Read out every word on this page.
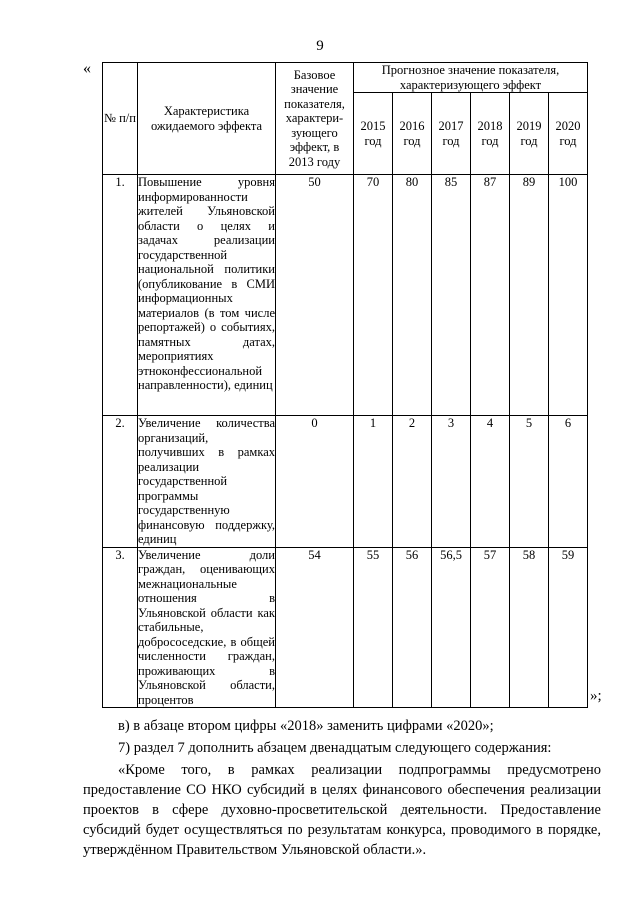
9
«
№ п/п	Характеристика ожидаемого эффекта	Базовое значение показателя, характери-зующего эффект, в 2013 году	Прогнозное значение показателя, характеризующего эффект					
			2015 год	2016 год	2017 год	2018 год	2019 год	2020 год
1.	Повышение уровня информированности жителей Ульяновской области о целях и задачах реализации государственной национальной политики (опубликование в СМИ информационных материалов (в том числе репортажей) о событиях, памятных датах, мероприятиях этноконфессиональной направленности), единиц	50	70	80	85	87	89	100
2.	Увеличение количества организаций, получивших в рамках реализации государственной программы государственную финансовую поддержку, единиц	0	1	2	3	4	5	6
3.	Увеличение доли граждан, оценивающих межнациональные отношения в Ульяновской области как стабильные, добрососедские, в общей численности граждан, проживающих в Ульяновской области, процентов	54	55	56	56,5	57	58	59
»;
в) в абзаце втором цифры «2018» заменить цифрами «2020»;
7) раздел 7 дополнить абзацем двенадцатым следующего содержания:
«Кроме того, в рамках реализации подпрограммы предусмотрено предоставление СО НКО субсидий в целях финансового обеспечения реализации проектов в сфере духовно-просветительской деятельности. Предоставление субсидий будет осуществляться по результатам конкурса, проводимого в порядке, утверждённом Правительством Ульяновской области.».
